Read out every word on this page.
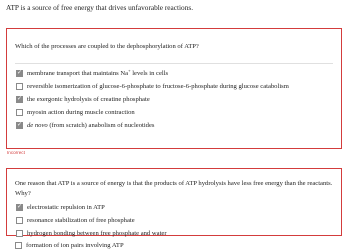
ATP is a source of free energy that drives unfavorable reactions.
Which of the processes are coupled to the dephosphorylation of ATP?
✓ membrane transport that maintains Na+ levels in cells
reversible isomerization of glucose-6-phosphate to fructose-6-phosphate during glucose catabolism
✓ the exergonic hydrolysis of creatine phosphate
myosin action during muscle contraction
✓ de novo (from scratch) anabolism of nucleotides
Incorrect
One reason that ATP is a source of energy is that the products of ATP hydrolysis have less free energy than the reactants.
Why?
✓ electrostatic repulsion in ATP
resonance stabilization of free phosphate
hydrogen bonding between free phosphate and water
formation of ion pairs involving ATP
